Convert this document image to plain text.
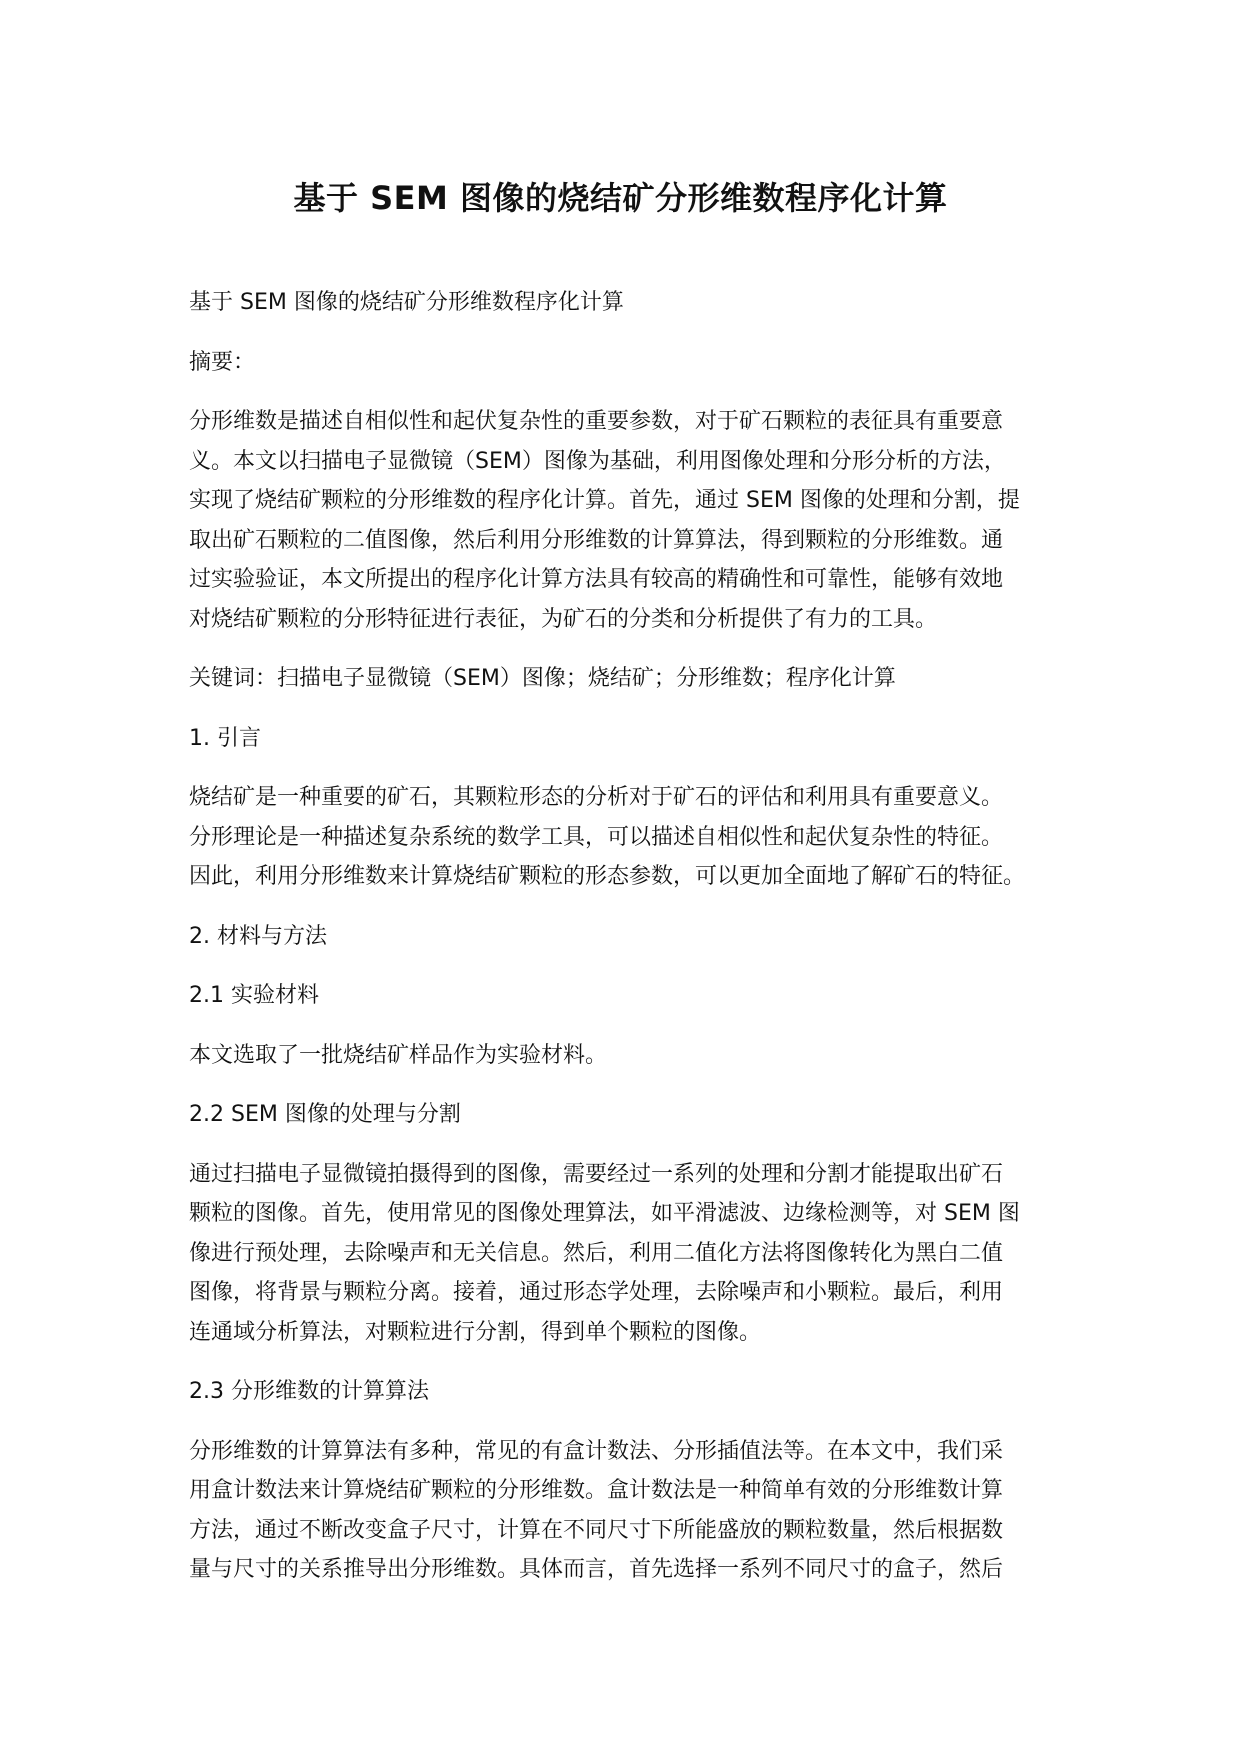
基于 SEM 图像的烧结矿分形维数程序化计算
基于 SEM 图像的烧结矿分形维数程序化计算
摘要：
分形维数是描述自相似性和起伏复杂性的重要参数，对于矿石颗粒的表征具有重要意
义。本文以扫描电子显微镜（SEM）图像为基础，利用图像处理和分形分析的方法，
实现了烧结矿颗粒的分形维数的程序化计算。首先，通过 SEM 图像的处理和分割，提
取出矿石颗粒的二值图像，然后利用分形维数的计算算法，得到颗粒的分形维数。通
过实验验证，本文所提出的程序化计算方法具有较高的精确性和可靠性，能够有效地
对烧结矿颗粒的分形特征进行表征，为矿石的分类和分析提供了有力的工具。
关键词：扫描电子显微镜（SEM）图像；烧结矿；分形维数；程序化计算
1. 引言
烧结矿是一种重要的矿石，其颗粒形态的分析对于矿石的评估和利用具有重要意义。
分形理论是一种描述复杂系统的数学工具，可以描述自相似性和起伏复杂性的特征。
因此，利用分形维数来计算烧结矿颗粒的形态参数，可以更加全面地了解矿石的特征。
2. 材料与方法
2.1 实验材料
本文选取了一批烧结矿样品作为实验材料。
2.2 SEM 图像的处理与分割
通过扫描电子显微镜拍摄得到的图像，需要经过一系列的处理和分割才能提取出矿石
颗粒的图像。首先，使用常见的图像处理算法，如平滑滤波、边缘检测等，对 SEM 图
像进行预处理，去除噪声和无关信息。然后，利用二值化方法将图像转化为黑白二值
图像，将背景与颗粒分离。接着，通过形态学处理，去除噪声和小颗粒。最后，利用
连通域分析算法，对颗粒进行分割，得到单个颗粒的图像。
2.3 分形维数的计算算法
分形维数的计算算法有多种，常见的有盒计数法、分形插值法等。在本文中，我们采
用盒计数法来计算烧结矿颗粒的分形维数。盒计数法是一种简单有效的分形维数计算
方法，通过不断改变盒子尺寸，计算在不同尺寸下所能盛放的颗粒数量，然后根据数
量与尺寸的关系推导出分形维数。具体而言，首先选择一系列不同尺寸的盒子，然后
